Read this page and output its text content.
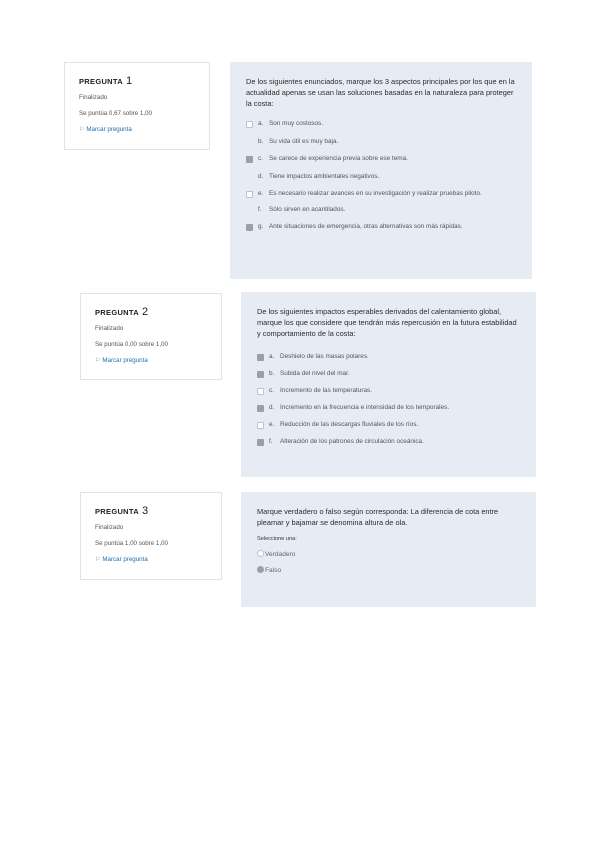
PREGUNTA 1
Finalizado
Se puntúa 0,67 sobre 1,00
⚐ Marcar pregunta
De los siguientes enunciados, marque los 3 aspectos principales por los que en la actualidad apenas se usan las soluciones basadas en la naturaleza para proteger la costa:
a. Son muy costosos.
b. Su vida útil es muy baja.
c. Se carece de experiencia previa sobre ese tema.
d. Tiene impactos ambientales negativos.
e. Es necesario realizar avances en su investigación y realizar pruebas piloto.
f.	Sólo sirven en acantilados.
g. Ante situaciones de emergencia, otras alternativas son más rápidas.
PREGUNTA 2
Finalizado
Se puntúa 0,00 sobre 1,00
⚐ Marcar pregunta
De los siguientes impactos esperables derivados del calentamiento global, marque los que considere que tendrán más repercusión en la futura estabilidad y comportamiento de la costa:
a. Deshielo de las masas polares.
b. Subida del nivel del mar.
c. Incremento de las temperaturas.
d. Incremento en la frecuencia e intensidad de los temporales.
e. Reducción de las descargas fluviales de los ríos.
f.	Alteración de los patrones de circulación oceánica.
PREGUNTA 3
Finalizado
Se puntúa 1,00 sobre 1,00
⚐ Marcar pregunta
Marque verdadero o falso según corresponda: La diferencia de cota entre pleamar y bajamar se denomina altura de ola.
Seleccione una:
Verdadero
Falso
